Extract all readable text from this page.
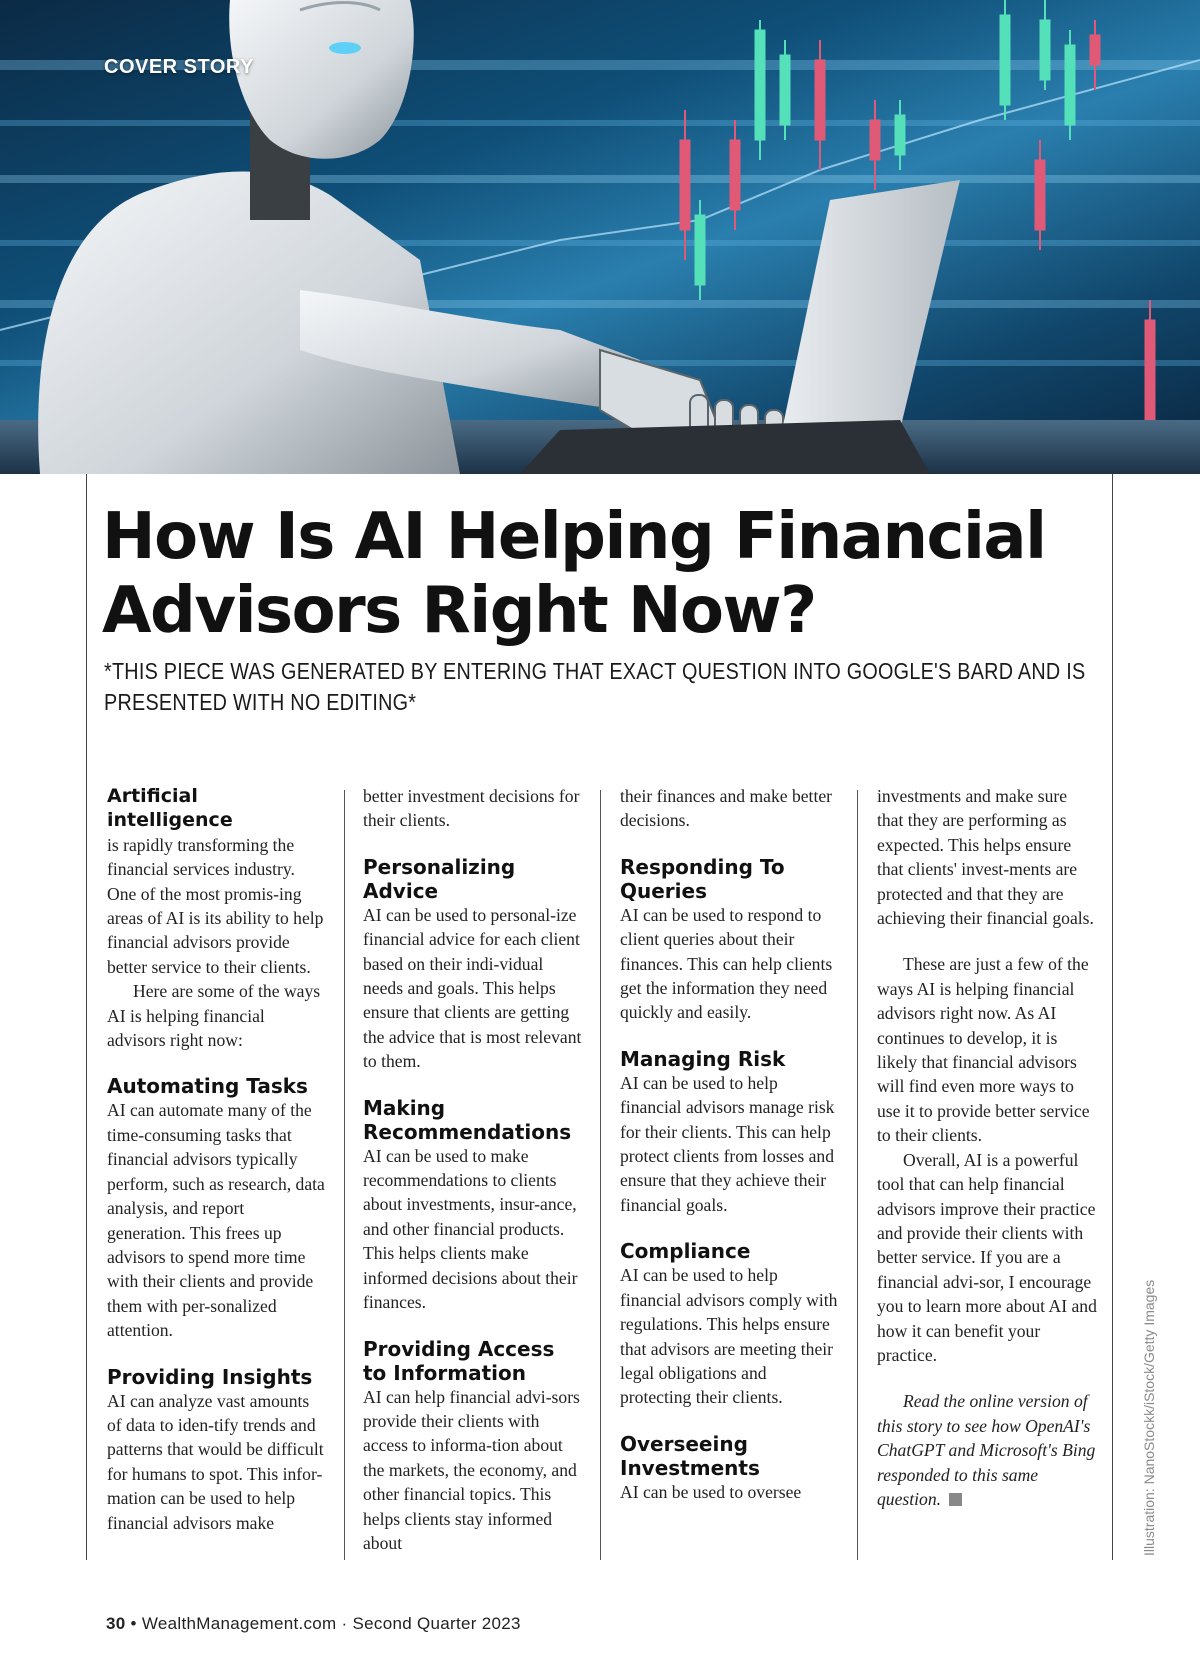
COVER STORY
How Is AI Helping Financial Advisors Right Now?

*THIS PIECE WAS GENERATED BY ENTERING THAT EXACT QUESTION INTO GOOGLE'S BARD AND IS PRESENTED WITH NO EDITING*

Artificial intelligence
is rapidly transforming the financial services industry. One of the most promis-ing areas of AI is its ability to help financial advisors provide better service to their clients.

Here are some of the ways AI is helping financial advisors right now:

Automating Tasks

AI can automate many of the time-consuming tasks that financial advisors typically perform, such as research, data analysis, and report generation. This frees up advisors to spend more time with their clients and provide them with per-sonalized attention.

Providing Insights

AI can analyze vast amounts of data to iden-tify trends and patterns that would be difficult for humans to spot. This infor-mation can be used to help financial advisors make

better investment decisions for their clients.

Personalizing Advice

AI can be used to personal-ize financial advice for each client based on their indi-vidual needs and goals. This helps ensure that clients are getting the advice that is most relevant to them.

Making Recommendations

AI can be used to make recommendations to clients about investments, insur-ance, and other financial products. This helps clients make informed decisions about their finances.

Providing Access to Information

AI can help financial advi-sors provide their clients with access to informa-tion about the markets, the economy, and other financial topics. This helps clients stay informed about

their finances and make better decisions.

Responding To Queries

AI can be used to respond to client queries about their finances. This can help clients get the information they need quickly and easily.

Managing Risk

AI can be used to help financial advisors manage risk for their clients. This can help protect clients from losses and ensure that they achieve their financial goals.

Compliance

AI can be used to help financial advisors comply with regulations. This helps ensure that advisors are meeting their legal obligations and protecting their clients.

Overseeing Investments

AI can be used to oversee

investments and make sure that they are performing as expected. This helps ensure that clients' invest-ments are protected and that they are achieving their financial goals.

These are just a few of the ways AI is helping financial advisors right now. As AI continues to develop, it is likely that financial advisors will find even more ways to use it to provide better service to their clients.

Overall, AI is a powerful tool that can help financial advisors improve their practice and provide their clients with better service. If you are a financial advi-sor, I encourage you to learn more about AI and how it can benefit your practice.

Read the online version of this story to see how OpenAI's ChatGPT and Microsoft's Bing responded to this same question.	Illustration: NanoStockk/iStock/Getty Images
30 • WealthManagement.com · Second Quarter 2023
